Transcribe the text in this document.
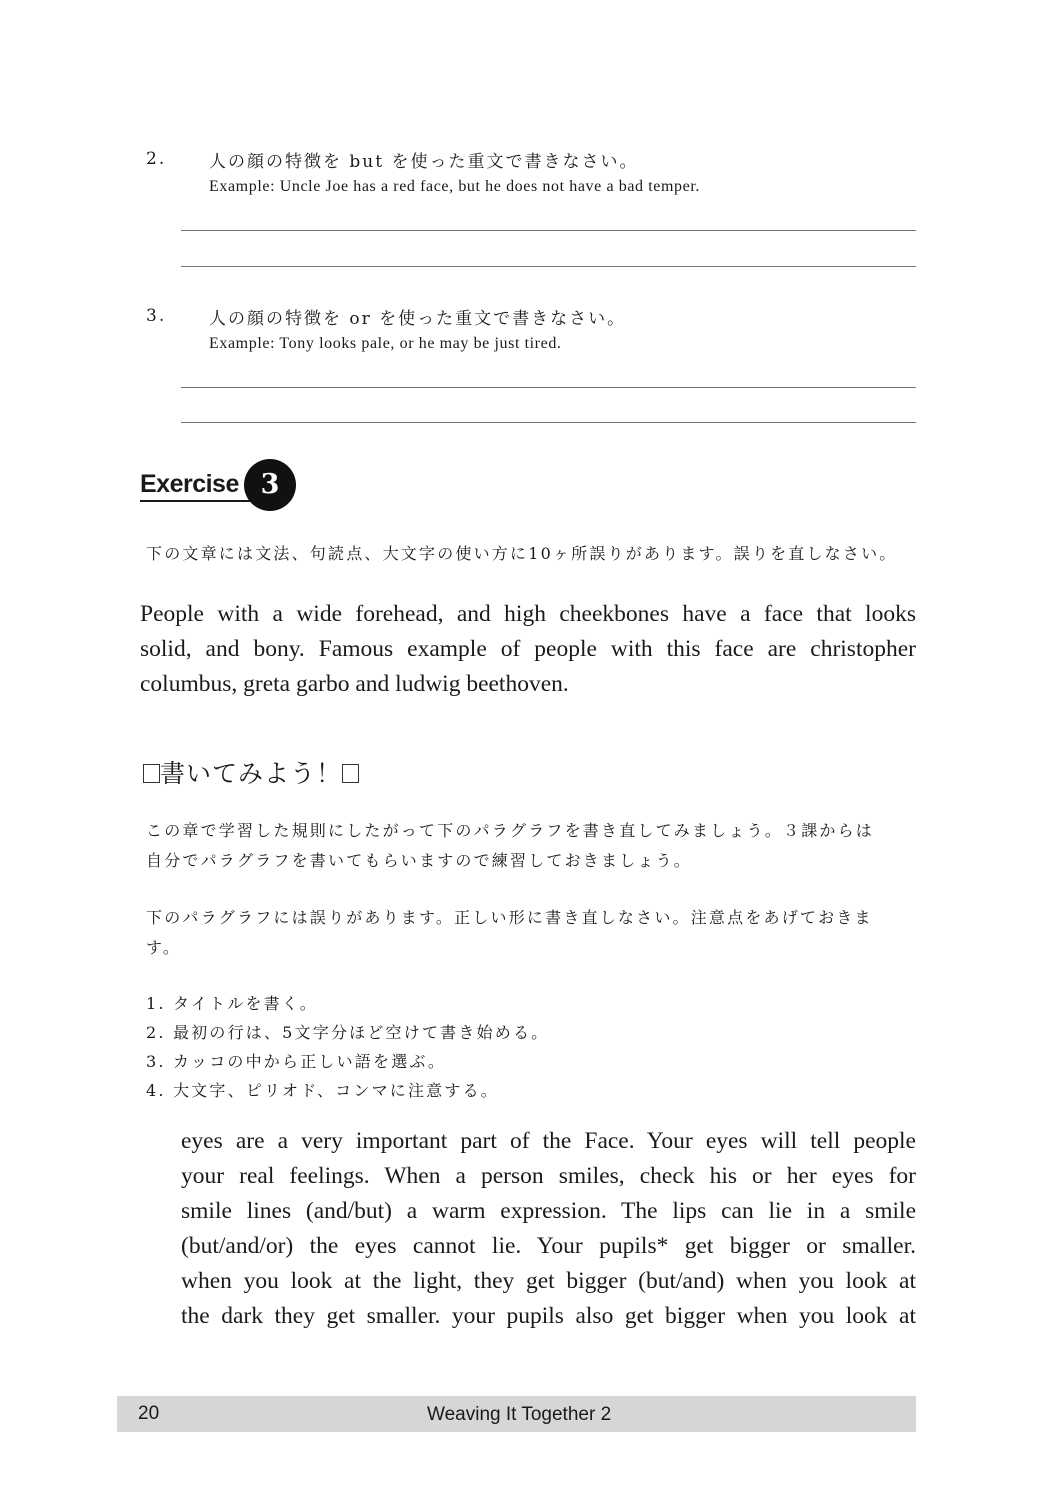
2.	人の顔の特徴を but を使った重文で書きなさい。
Example: Uncle Joe has a red face, but he does not have a bad temper.
3.	人の顔の特徴を or を使った重文で書きなさい。
Example: Tony looks pale, or he may be just tired.
Exercise 3
下の文章には文法、句読点、大文字の使い方に10ヶ所誤りがあります。誤りを直しなさい。
People with a wide forehead, and high cheekbones have a face that looks
solid, and bony. Famous example of people with this face are christopher
columbus, greta garbo and ludwig beethoven.
書いてみよう！
この章で学習した規則にしたがって下のパラグラフを書き直してみましょう。３課からは
自分でパラグラフを書いてもらいますので練習しておきましょう。
下のパラグラフには誤りがあります。正しい形に書き直しなさい。注意点をあげておきま
す。
1. タイトルを書く。
2. 最初の行は、5文字分ほど空けて書き始める。
3. カッコの中から正しい語を選ぶ。
4. 大文字、ピリオド、コンマに注意する。
eyes are a very important part of the Face. Your eyes will tell people
your real feelings. When a person smiles, check his or her eyes for
smile lines (and/but) a warm expression. The lips can lie in a smile
(but/and/or) the eyes cannot lie. Your pupils* get bigger or smaller.
when you look at the light, they get bigger (but/and) when you look at
the dark they get smaller. your pupils also get bigger when you look at
20	Weaving It Together 2
